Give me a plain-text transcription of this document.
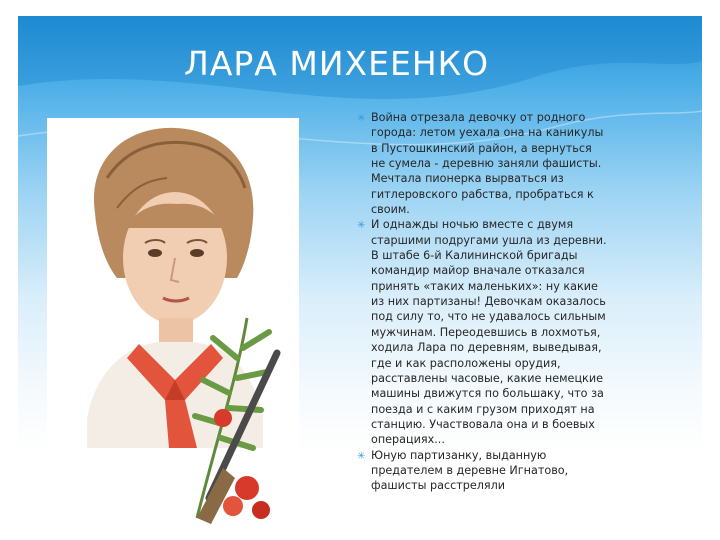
ЛАРА МИХЕЕНКО
✳ Война отрезала девочку от родного
города: летом уехала она на каникулы
в Пустошкинский район, а вернуться
не сумела - деревню заняли фашисты.
Мечтала пионерка вырваться из
гитлеровского рабства, пробраться к
своим.
✳ И однажды ночью вместе с двумя
старшими подругами ушла из деревни.
В штабе 6-й Калининской бригады
командир майор вначале отказался
принять «таких маленьких»: ну какие
из них партизаны! Девочкам оказалось
под силу то, что не удавалось сильным
мужчинам. Переодевшись в лохмотья,
ходила Лара по деревням, выведывая,
где и как расположены орудия,
расставлены часовые, какие немецкие
машины движутся по большаку, что за
поезда и с каким грузом приходят на
станцию. Участвовала она и в боевых
операциях...
✳ Юную партизанку, выданную
предателем в деревне Игнатово,
фашисты расстреляли
